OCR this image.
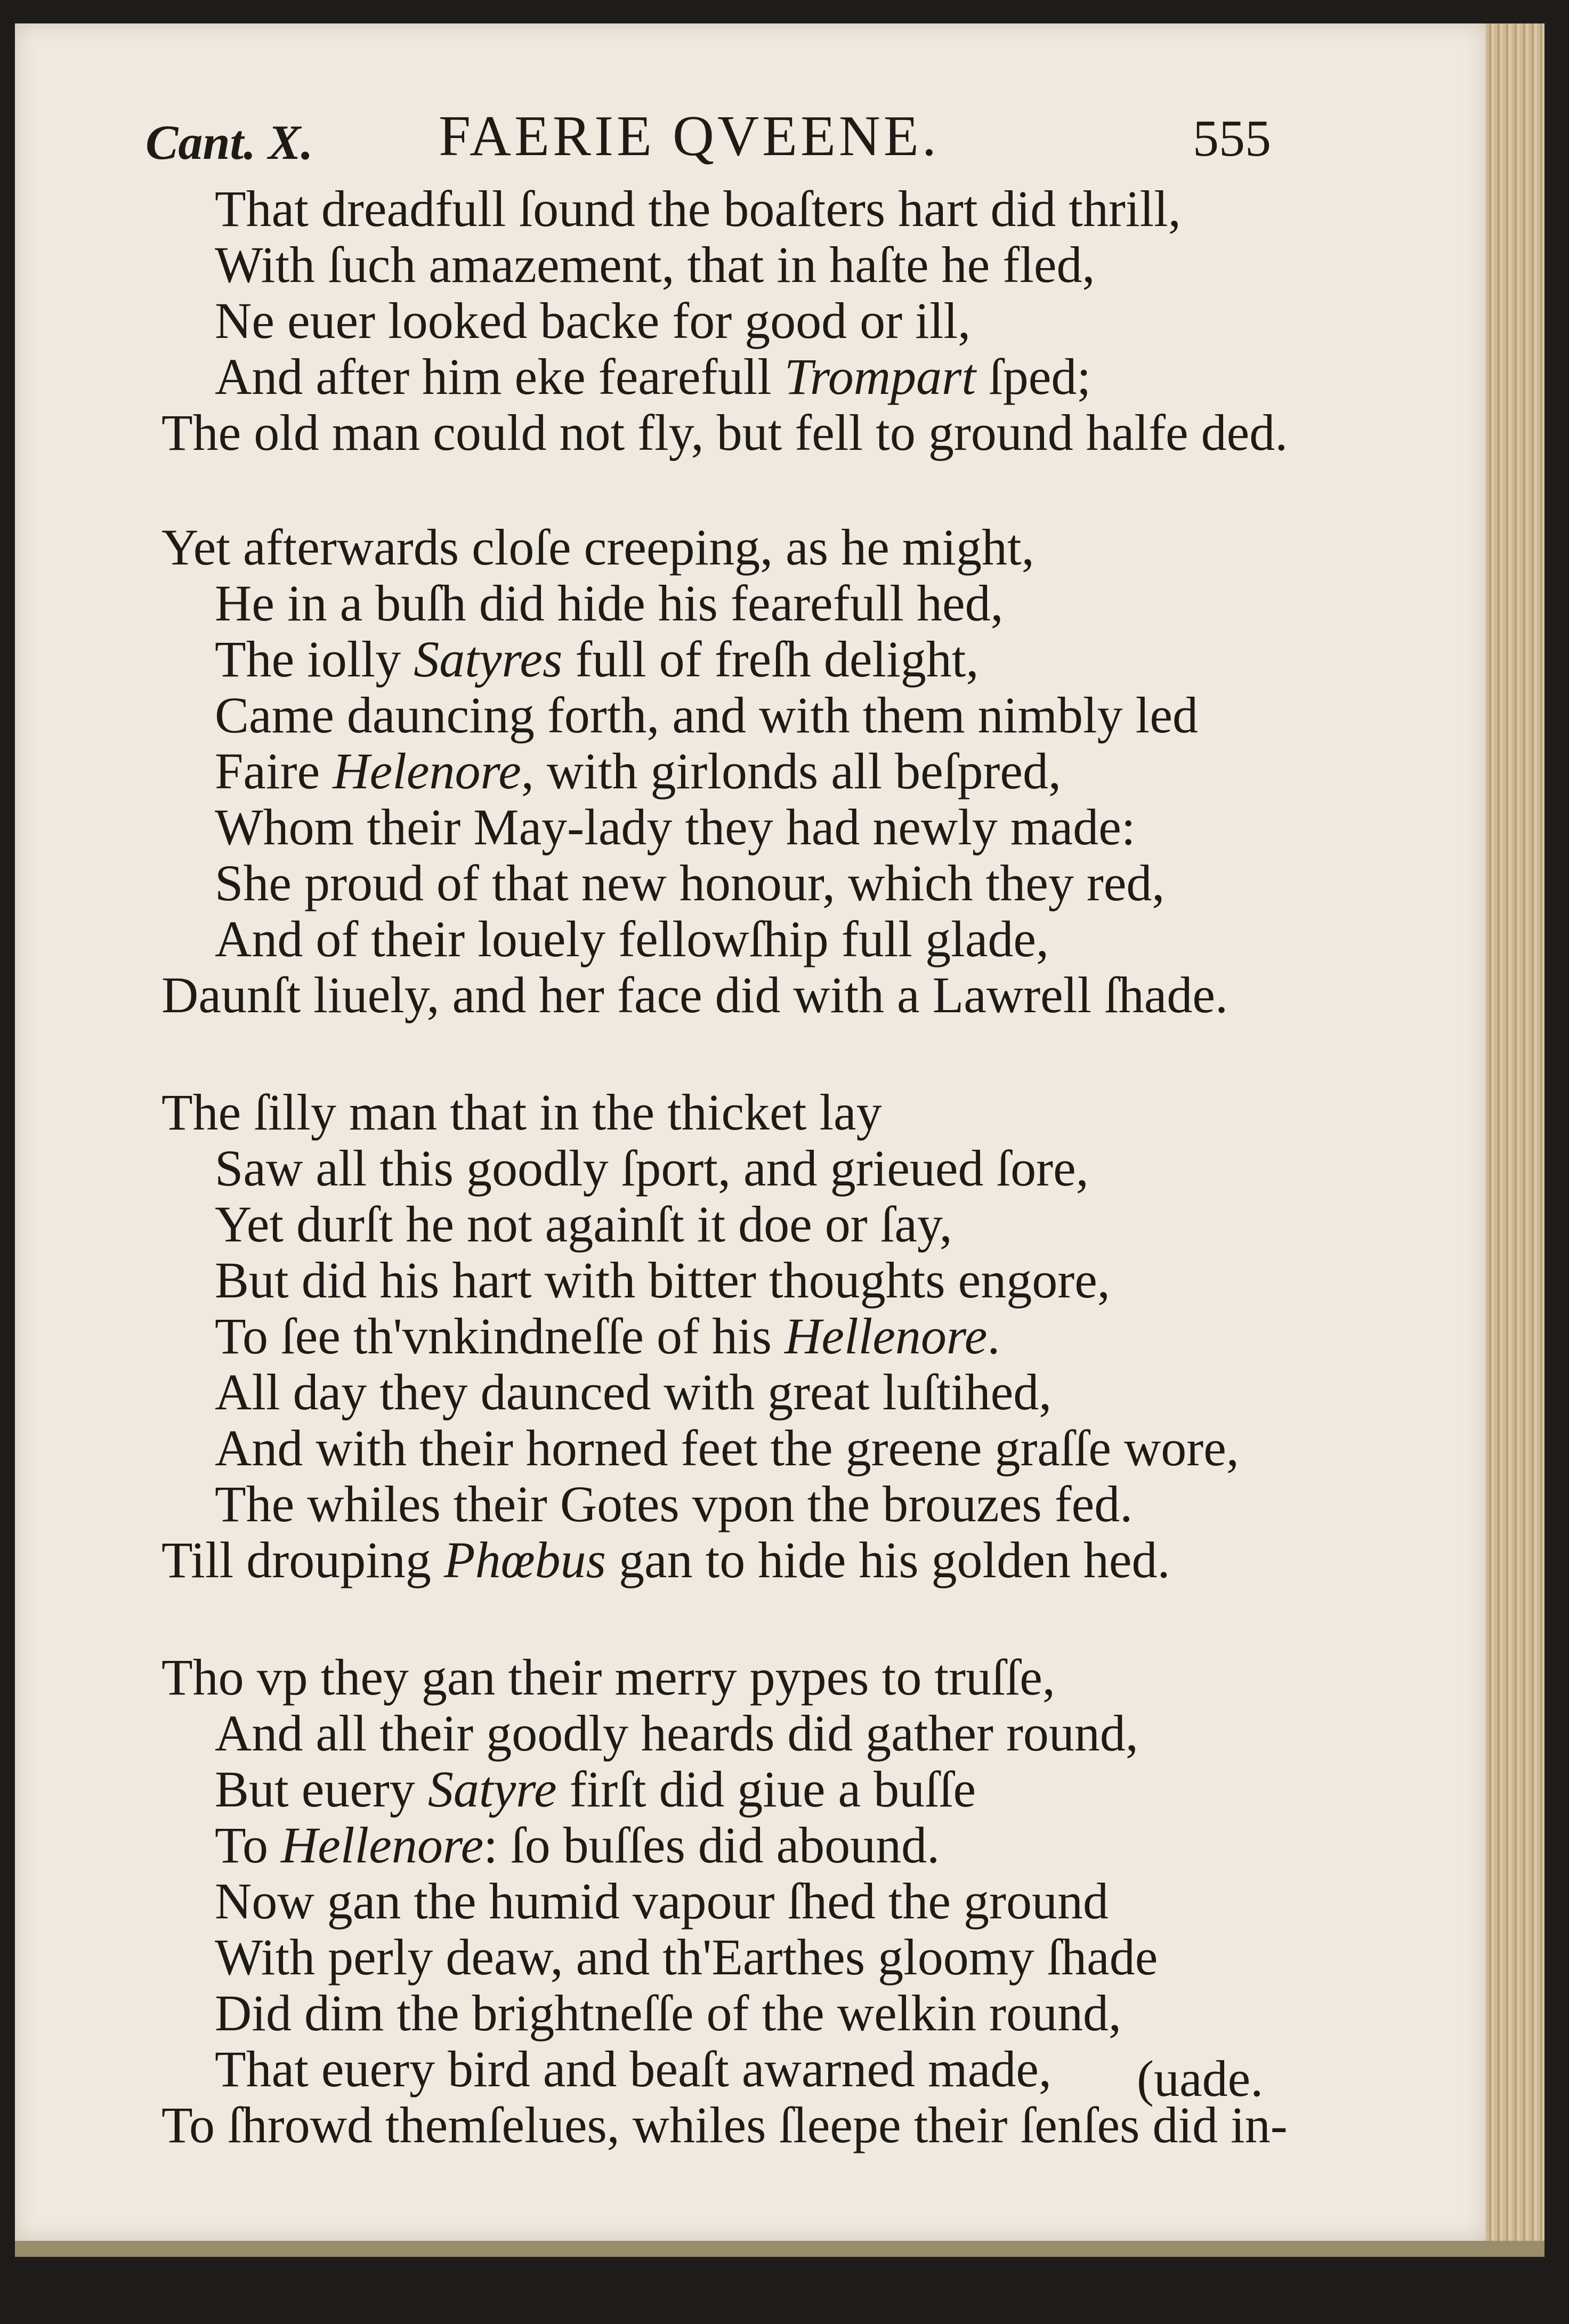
Cant. X. FAERIE QVEENE.	555
That dreadfull ſound the boaſters hart did thrill,
With ſuch amazement, that in haſte he fled,
Ne euer looked backe for good or ill,
And after him eke fearefull Trompart ſped;
The old man could not fly, but fell to ground halfe ded.
Yet afterwards cloſe creeping, as he might,
He in a buſh did hide his fearefull hed,
The iolly Satyres full of freſh delight,
Came dauncing forth, and with them nimbly led
Faire Helenore, with girlonds all beſpred,
Whom their May-lady they had newly made:
She proud of that new honour, which they red,
And of their louely fellowſhip full glade,
Daunſt liuely, and her face did with a Lawrell ſhade.
The ſilly man that in the thicket lay
Saw all this goodly ſport, and grieued ſore,
Yet durſt he not againſt it doe or ſay,
But did his hart with bitter thoughts engore,
To ſee th'vnkindneſſe of his Hellenore.
All day they daunced with great luſtihed,
And with their horned feet the greene graſſe wore,
The whiles their Gotes vpon the brouzes fed.
Till drouping Phœbus gan to hide his golden hed.
Tho vp they gan their merry pypes to truſſe,
And all their goodly heards did gather round,
But euery Satyre firſt did giue a buſſe
To Hellenore: ſo buſſes did abound.
Now gan the humid vapour ſhed the ground
With perly deaw, and th'Earthes gloomy ſhade
Did dim the brightneſſe of the welkin round,
That euery bird and beaſt awarned made,
To ſhrowd themſelues, whiles ſleepe their ſenſes did in-
(uade.
